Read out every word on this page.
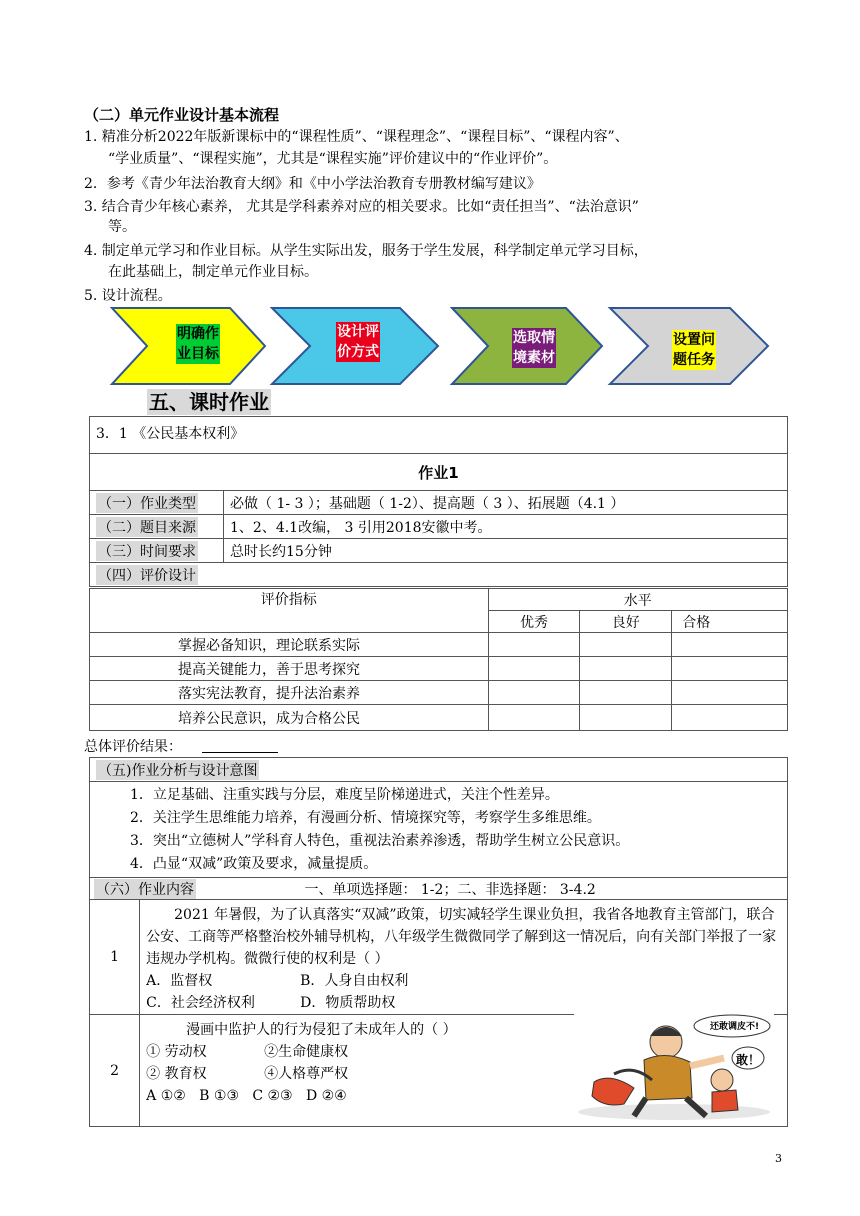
（二）单元作业设计基本流程
1. 精准分析2022年版新课标中的“课程性质”、“课程理念”、“课程目标”、“课程内容”、
“学业质量”、“课程实施”，尤其是“课程实施”评价建议中的“作业评价”。
2．参考《青少年法治教育大纲》和《中小学法治教育专册教材编写建议》
3. 结合青少年核心素养， 尤其是学科素养对应的相关要求。比如“责任担当”、“法治意识”
等。
4. 制定单元学习和作业目标。从学生实际出发，服务于学生发展，科学制定单元学习目标，
在此基础上，制定单元作业目标。
5. 设计流程。
明确作
业目标
设计评
价方式
选取情
境素材
设置问
题任务
五、课时作业
3．1 《公民基本权利》	
作业1	
（一）作业类型	必做（ 1- 3 ）；基础题（ 1-2）、提高题（ 3 ）、拓展题（4.1 ）
（二）题目来源	1、2、4.1改编， 3 引用2018安徽中考。
（三）时间要求	总时长约15分钟
（四）评价设计	
评价指标	水平		
	优秀	良好	合格
掌握必备知识，理论联系实际			
提高关键能力，善于思考探究			
落实宪法教育，提升法治素养			
培养公民意识，成为合格公民			
总体评价结果：
（五)作业分析与设计意图	

1．立足基础、注重实践与分层，难度呈阶梯递进式，关注个性差异。
2．关注学生思维能力培养，有漫画分析、情境探究等，考察学生多维思维。
3．突出“立德树人”学科育人特色，重视法治素养渗透，帮助学生树立公民意识。
4．凸显“双减”政策及要求，减量提质。	

（六）作业内容 一、单项选择题： 1-2；二、非选择题： 3-4.2	
1	2021 年暑假，为了认真落实“双减”政策，切实减轻学生课业负担，我省各地教育主管部门，联合公安、工商等严格整治校外辅导机构，八年级学生微微同学了解到这一情况后，向有关部门举报了一家违规办学机构。微微行使的权利是（ ）
A．监督权 B．人身自由权利
C．社会经济权利 D．物质帮助权

2	漫画中监护人的行为侵犯了未成年人的（ ）
① 劳动权 ②生命健康权
② 教育权 ④人格尊严权
A ①②   B ①③   C ②③   D ②④
还敢调皮不!
敢！
3
